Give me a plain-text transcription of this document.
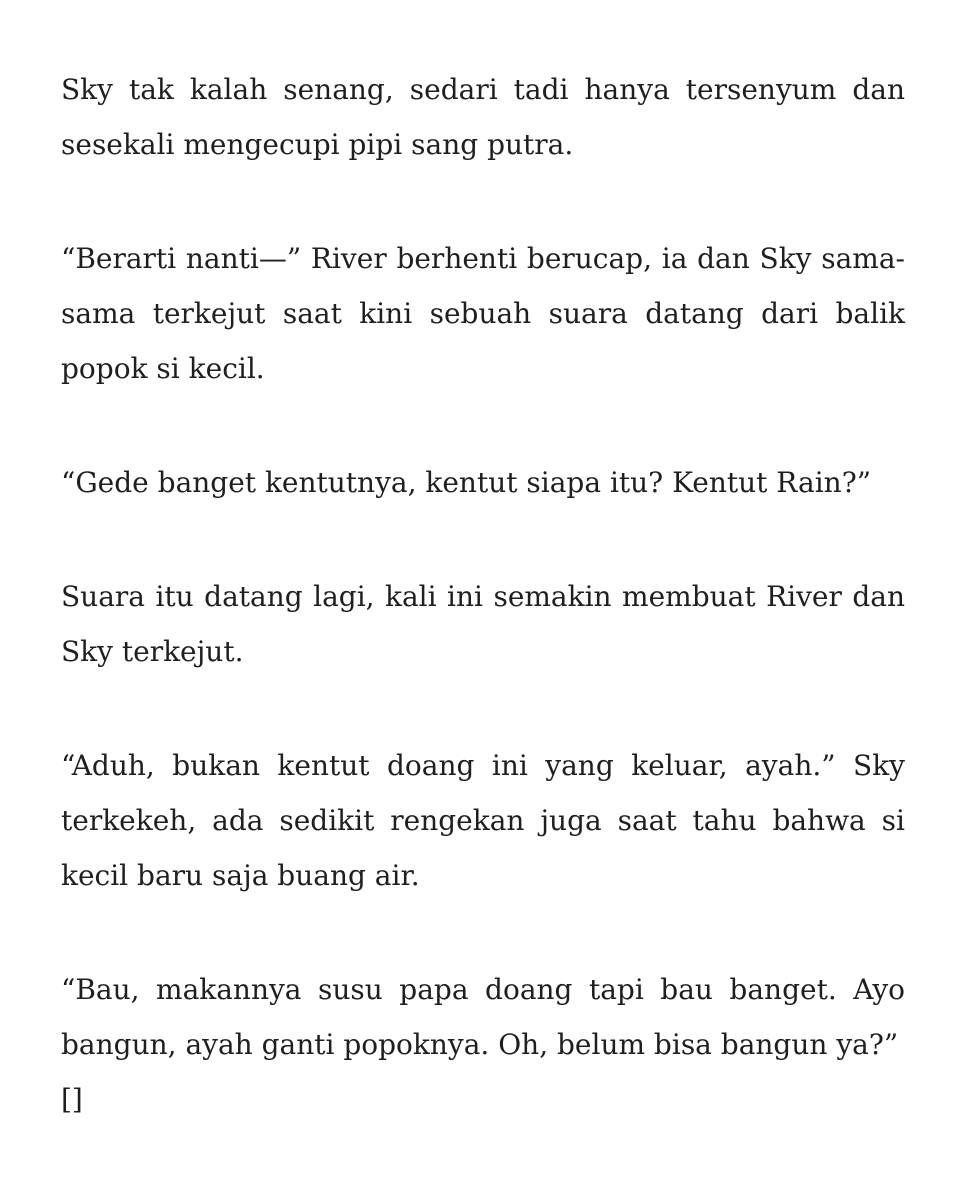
Sky tak kalah senang, sedari tadi hanya tersenyum dan sesekali mengecupi pipi sang putra.

“Berarti nanti—” River berhenti berucap, ia dan Sky sama-sama terkejut saat kini sebuah suara datang dari balik popok si kecil.

“Gede banget kentutnya, kentut siapa itu? Kentut Rain?”

Suara itu datang lagi, kali ini semakin membuat River dan Sky terkejut.

“Aduh, bukan kentut doang ini yang keluar, ayah.” Sky terkekeh, ada sedikit rengekan juga saat tahu bahwa si kecil baru saja buang air.

“Bau, makannya susu papa doang tapi bau banget. Ayo bangun, ayah ganti popoknya. Oh, belum bisa bangun ya?”
[]
